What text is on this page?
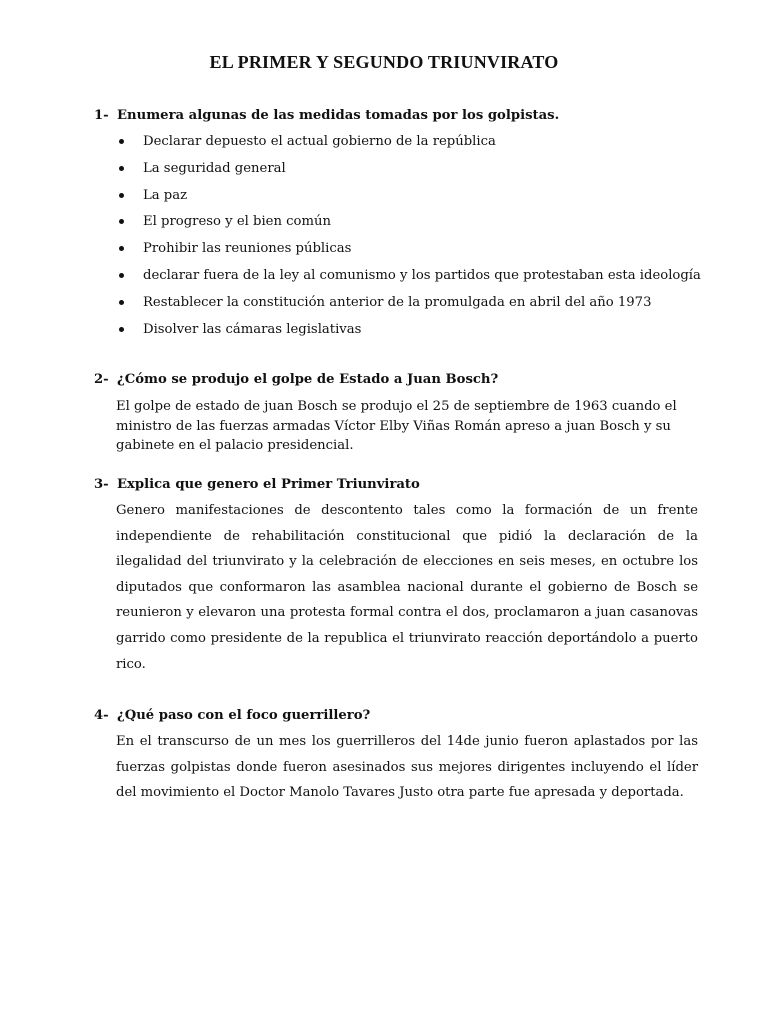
EL PRIMER Y SEGUNDO TRIUNVIRATO
1- Enumera algunas de las medidas tomadas por los golpistas.
Declarar depuesto el actual gobierno de la república
La seguridad general
La paz
El progreso y el bien común
Prohibir las reuniones públicas
declarar fuera de la ley al comunismo y los partidos que protestaban esta ideología
Restablecer la constitución anterior de la promulgada en abril del año 1973
Disolver las cámaras legislativas
2- ¿Cómo se produjo el golpe de Estado a Juan Bosch?

El golpe de estado de juan Bosch se produjo el 25 de septiembre de 1963 cuando el ministro de las fuerzas armadas Víctor Elby Viñas Román apreso a juan Bosch y su gabinete en el palacio presidencial.

3- Explica que genero el Primer Triunvirato

Genero manifestaciones de descontento tales como la formación de un frente independiente de rehabilitación constitucional que pidió la declaración de la ilegalidad del triunvirato y la celebración de elecciones en seis meses, en octubre los diputados que conformaron las asamblea nacional durante el gobierno de Bosch se reunieron y elevaron una protesta formal contra el dos, proclamaron a juan casanovas garrido como presidente de la republica el triunvirato reacción deportándolo a puerto rico.

4- ¿Qué paso con el foco guerrillero?

En el transcurso de un mes los guerrilleros del 14de junio fueron aplastados por las fuerzas golpistas donde fueron asesinados sus mejores dirigentes incluyendo el líder del movimiento el Doctor Manolo Tavares Justo otra parte fue apresada y deportada.
